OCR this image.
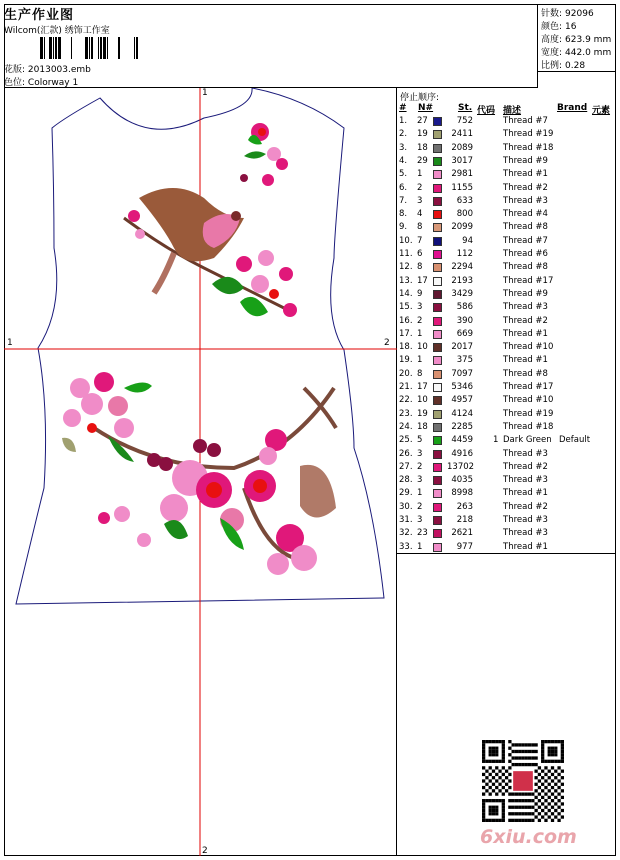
生产作业图
Wilcom(汇款) 绣饰工作室
花版: 2013003.emb
色位: Colorway 1
针数: 92096
颜色: 16
高度: 623.9 mm
宽度: 442.0 mm
比例: 0.28
1
2
1	2
停止顺序:
# N#	St. 代码 描述	Brand 元素
1. 27	752	Thread #7
2. 19	2411	Thread #19
3. 18	2089	Thread #18
4. 29	3017	Thread #9
5. 1	2981	Thread #1
6. 2	1155	Thread #2
7. 3	633	Thread #3
8. 4	800	Thread #4
9. 8	2099	Thread #8
10. 7	94	Thread #7
11. 6	112	Thread #6
12. 8	2294	Thread #8
13. 17	2193	Thread #17
14. 9	3429	Thread #9
15. 3	586	Thread #3
16. 2	390	Thread #2
17. 1	669	Thread #1
18. 10	2017	Thread #10
19. 1	375	Thread #1
20. 8	7097	Thread #8
21. 17	5346	Thread #17
22. 10	4957	Thread #10
23. 19	4124	Thread #19
24. 18	2285	Thread #18
25. 5	4459 1 Dark Green Default
26. 3	4916	Thread #3
27. 2	13702	Thread #2
28. 3	4035	Thread #3
29. 1	8998	Thread #1
30. 2	263	Thread #2
31. 3	218	Thread #3
32. 23	2621	Thread #3
33. 1	977	Thread #1
6xiu.com
